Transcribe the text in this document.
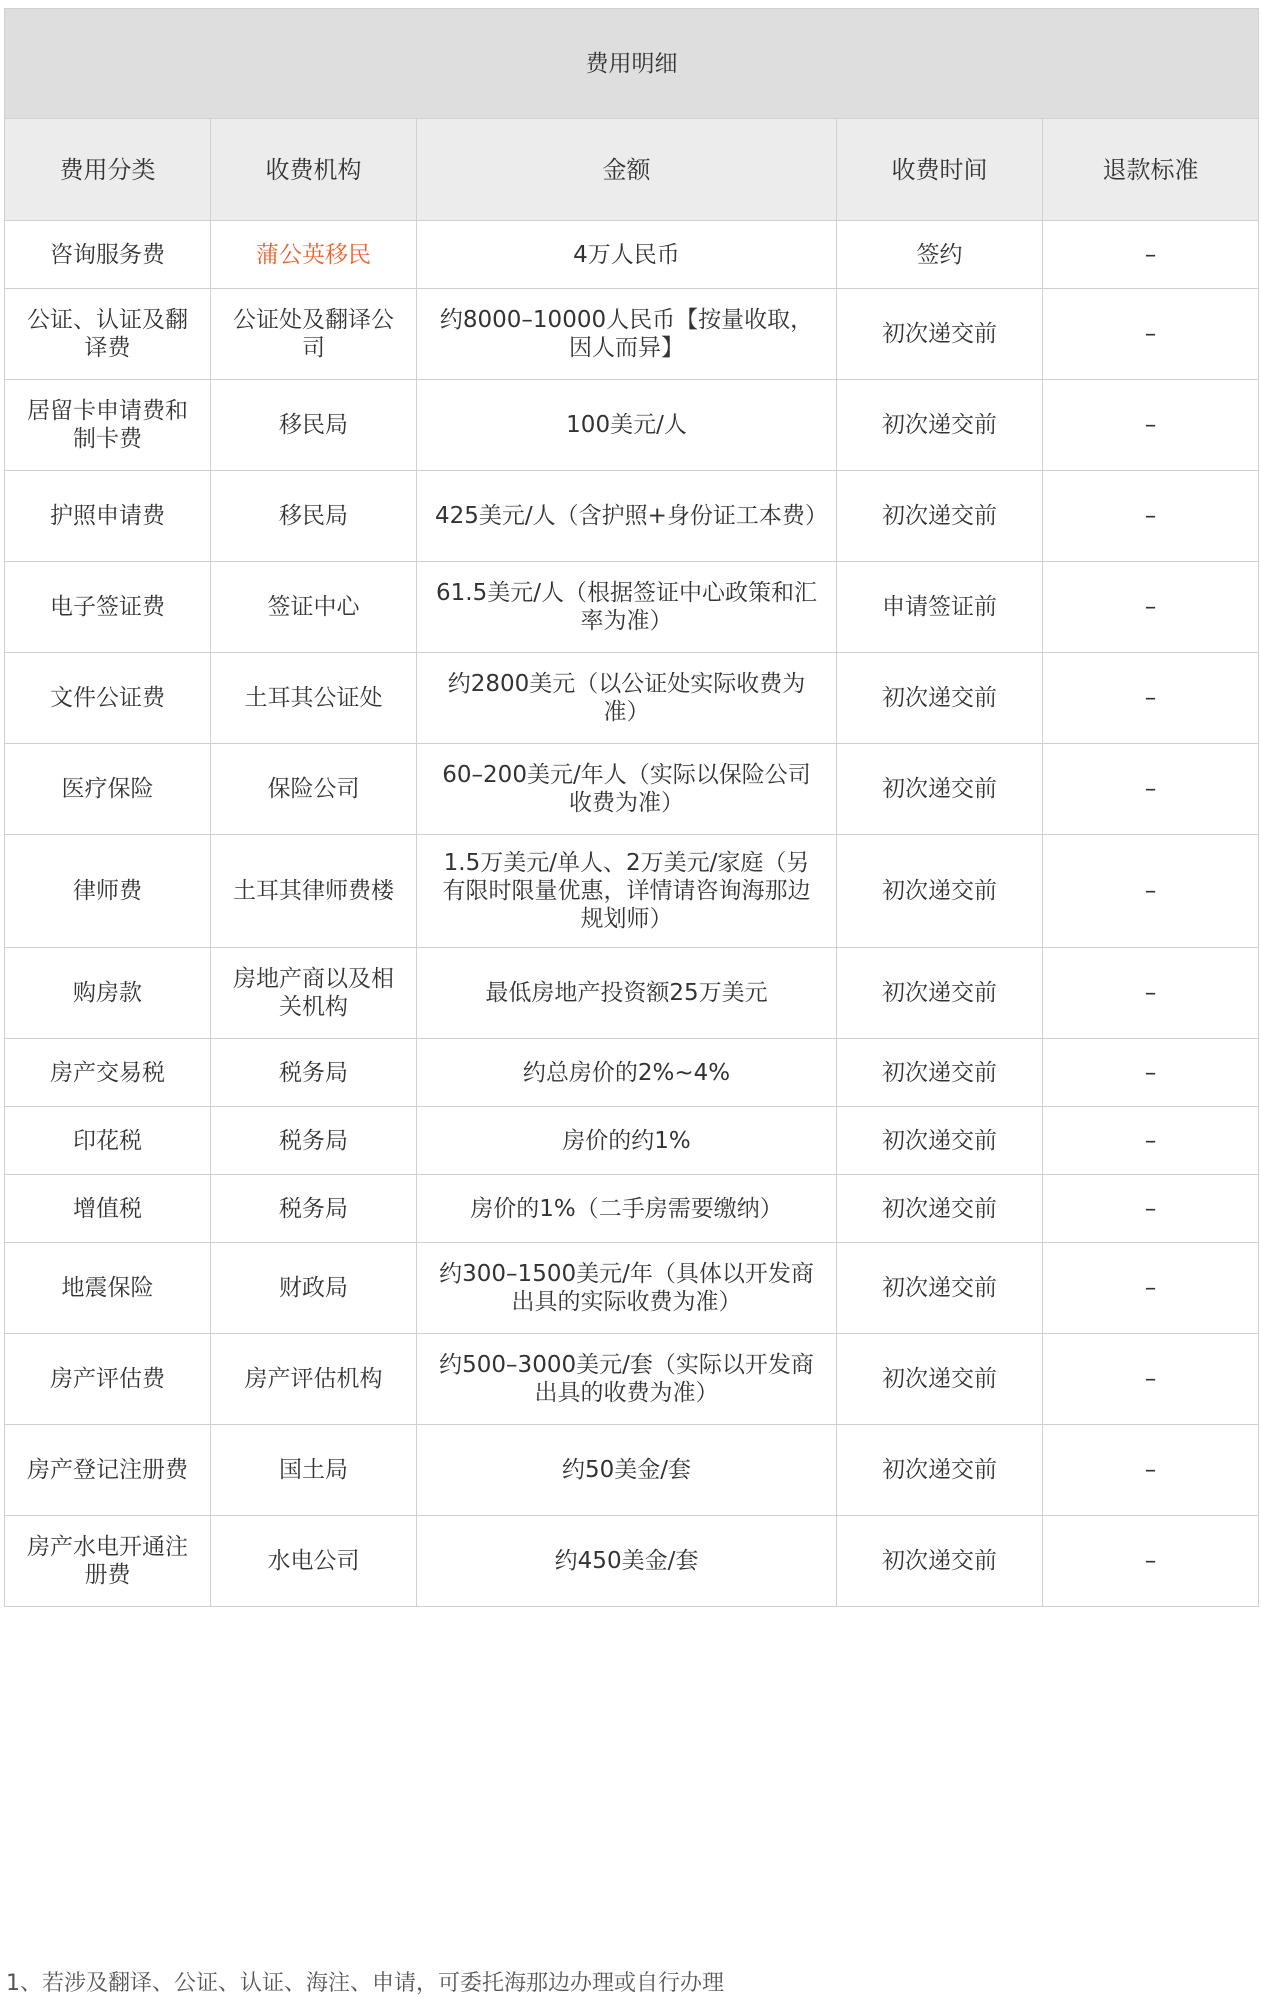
费用明细				
费用分类	收费机构	金额	收费时间	退款标准
咨询服务费	蒲公英移民	4万人民币	签约	–
公证、认证及翻译费	公证处及翻译公司	约8000–10000人民币【按量收取，因人而异】	初次递交前	–
居留卡申请费和制卡费	移民局	100美元/人	初次递交前	–
护照申请费	移民局	425美元/人（含护照+身份证工本费）	初次递交前	–
电子签证费	签证中心	61.5美元/人（根据签证中心政策和汇率为准）	申请签证前	–
文件公证费	土耳其公证处	约2800美元（以公证处实际收费为准）	初次递交前	–
医疗保险	保险公司	60–200美元/年人（实际以保险公司收费为准）	初次递交前	–
律师费	土耳其律师费楼	1.5万美元/单人、2万美元/家庭（另有限时限量优惠，详情请咨询海那边规划师）	初次递交前	–
购房款	房地产商以及相关机构	最低房地产投资额25万美元	初次递交前	–
房产交易税	税务局	约总房价的2%~4%	初次递交前	–
印花税	税务局	房价的约1%	初次递交前	–
增值税	税务局	房价的1%（二手房需要缴纳）	初次递交前	–
地震保险	财政局	约300–1500美元/年（具体以开发商出具的实际收费为准）	初次递交前	–
房产评估费	房产评估机构	约500–3000美元/套（实际以开发商出具的收费为准）	初次递交前	–
房产登记注册费	国土局	约50美金/套	初次递交前	–
房产水电开通注册费	水电公司	约450美金/套	初次递交前	–
1、若涉及翻译、公证、认证、海注、申请，可委托海那边办理或自行办理
